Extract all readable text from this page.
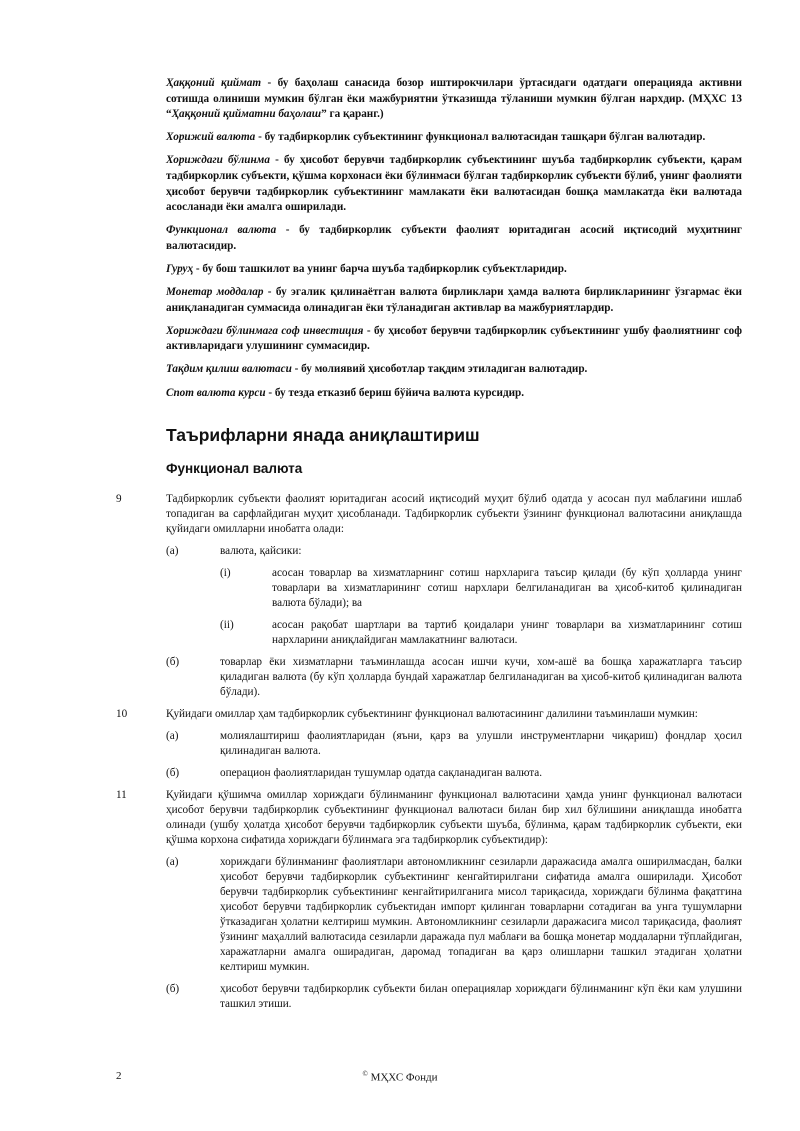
Ҳаққоний қиймат - бу баҳолаш санасида бозор иштирокчилари ўртасидаги одатдаги операцияда активни сотишда олиниши мумкин бўлган ёки мажбуриятни ўтказишда тўланиши мумкин бўлган нархдир. (МҲХС 13 “Ҳаққоний қийматни баҳолаш” га қаранг.)

Хорижий валюта - бу тадбиркорлик субъектининг функционал валютасидан ташқари бўлган валютадир.

Хориждаги бўлинма - бу ҳисобот берувчи тадбиркорлик субъектининг шуъба тадбиркорлик субъекти, қарам тадбиркорлик субъекти, қўшма корхонаси ёки бўлинмаси бўлган тадбиркорлик субъекти бўлиб, унинг фаолияти ҳисобот берувчи тадбиркорлик субъектининг мамлакати ёки валютасидан бошқа мамлакатда ёки валютада асосланади ёки амалга оширилади.

Функционал валюта - бу тадбиркорлик субъекти фаолият юритадиган асосий иқтисодий муҳитнинг валютасидир.

Гуруҳ - бу бош ташкилот ва унинг барча шуъба тадбиркорлик субъектларидир.

Монетар моддалар - бу эгалик қилинаётган валюта бирликлари ҳамда валюта бирликларининг ўзгармас ёки аниқланадиган суммасида олинадиган ёки тўланадиган активлар ва мажбуриятлардир.

Хориждаги бўлинмага соф инвестиция - бу ҳисобот берувчи тадбиркорлик субъектининг ушбу фаолиятнинг соф активларидаги улушининг суммасидир.

Тақдим қилиш валютаси - бу молиявий ҳисоботлар тақдим этиладиган валютадир.

Спот валюта курси - бу тезда етказиб бериш бўйича валюта курсидир.

Таърифларни янада аниқлаштириш
Функционал валюта
9	Тадбиркорлик субъекти фаолият юритадиган асосий иқтисодий муҳит бўлиб одатда у асосан пул маблағини ишлаб топадиган ва сарфлайдиган муҳит ҳисобланади. Тадбиркорлик субъекти ўзининг функционал валютасини аниқлашда қуйидаги омилларни инобатга олади:
(a)	валюта, қайсики:
(i)	асосан товарлар ва хизматларнинг сотиш нархларига таъсир қилади (бу кўп ҳолларда унинг товарлари ва хизматларининг сотиш нархлари белгиланадиган ва ҳисоб-китоб қилинадиган валюта бўлади); ва
(ii)	асосан рақобат шартлари ва тартиб қоидалари унинг товарлари ва хизматларининг сотиш нархларини аниқлайдиган мамлакатнинг валютаси.
(б)	товарлар ёки хизматларни таъминлашда асосан ишчи кучи, хом-ашё ва бошқа харажатларга таъсир қиладиган валюта (бу кўп ҳолларда бундай харажатлар белгиланадиган ва ҳисоб-китоб қилинадиган валюта бўлади).
10	Қуйидаги омиллар ҳам тадбиркорлик субъектининг функционал валютасининг далилини таъминлаши мумкин:
(a)	молиялаштириш фаолиятларидан (яъни, қарз ва улушли инструментларни чиқариш) фондлар ҳосил қилинадиган валюта.
(б)	операцион фаолиятларидан тушумлар одатда сақланадиган валюта.
11	Қуйидаги қўшимча омиллар хориждаги бўлинманинг функционал валютасини ҳамда унинг функционал валютаси ҳисобот берувчи тадбиркорлик субъектининг функционал валютаси билан бир хил бўлишини аниқлашда инобатга олинади (ушбу ҳолатда ҳисобот берувчи тадбиркорлик субъекти шуъба, бўлинма, қарам тадбиркорлик субъекти, еки қўшма корхона сифатида хориждаги бўлинмага эга тадбиркорлик субъектидир):
(a)	хориждаги бўлинманинг фаолиятлари автономликнинг сезиларли даражасида амалга оширилмасдан, балки ҳисобот берувчи тадбиркорлик субъектининг кенгайтирилгани сифатида амалга оширилади. Ҳисобот берувчи тадбиркорлик субъектининг кенгайтирилганига мисол тариқасида, хориждаги бўлинма фақатгина ҳисобот берувчи тадбиркорлик субъектидан импорт қилинган товарларни сотадиган ва унга тушумларни ўтказадиган ҳолатни келтириш мумкин. Автономликнинг сезиларли даражасига мисол тариқасида, фаолият ўзининг маҳаллий валютасида сезиларли даражада пул маблағи ва бошқа монетар моддаларни тўплайдиган, харажатларни амалга оширадиган, даромад топадиган ва қарз олишларни ташкил этадиган ҳолатни келтириш мумкин.
(б)	ҳисобот берувчи тадбиркорлик субъекти билан операциялар хориждаги бўлинманинг кўп ёки кам улушини ташкил этиши.
2	© МҲХС Фонди
